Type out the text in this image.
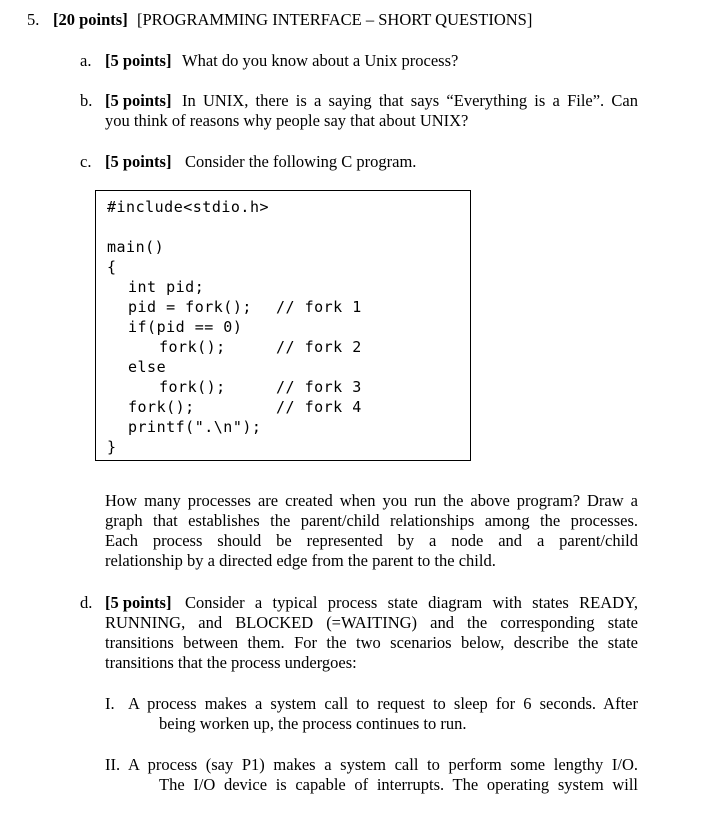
5. [20 points] [PROGRAMMING INTERFACE – SHORT QUESTIONS]
a. [5 points] What do you know about a Unix process?
b. [5 points] In UNIX, there is a saying that says “Everything is a File”. Can
you think of reasons why people say that about UNIX?
c. [5 points] Consider the following C program.
#include<stdio.h>
main()
{
int pid;
pid = fork(); // fork 1
if(pid == 0)
fork();	// fork 2
else
fork();	// fork 3
fork();	// fork 4
printf(".\n");
}
How many processes are created when you run the above program? Draw a
graph that establishes the parent/child relationships among the processes.
Each process should be represented by a node and a parent/child
relationship by a directed edge from the parent to the child.
d. [5 points] Consider a typical process state diagram with states READY,
RUNNING, and BLOCKED (=WAITING) and the corresponding state
transitions between them. For the two scenarios below, describe the state
transitions that the process undergoes:
I. A process makes a system call to request to sleep for 6 seconds. After
being worken up, the process continues to run.
II. A process (say P1) makes a system call to perform some lengthy I/O.
The I/O device is capable of interrupts. The operating system will
